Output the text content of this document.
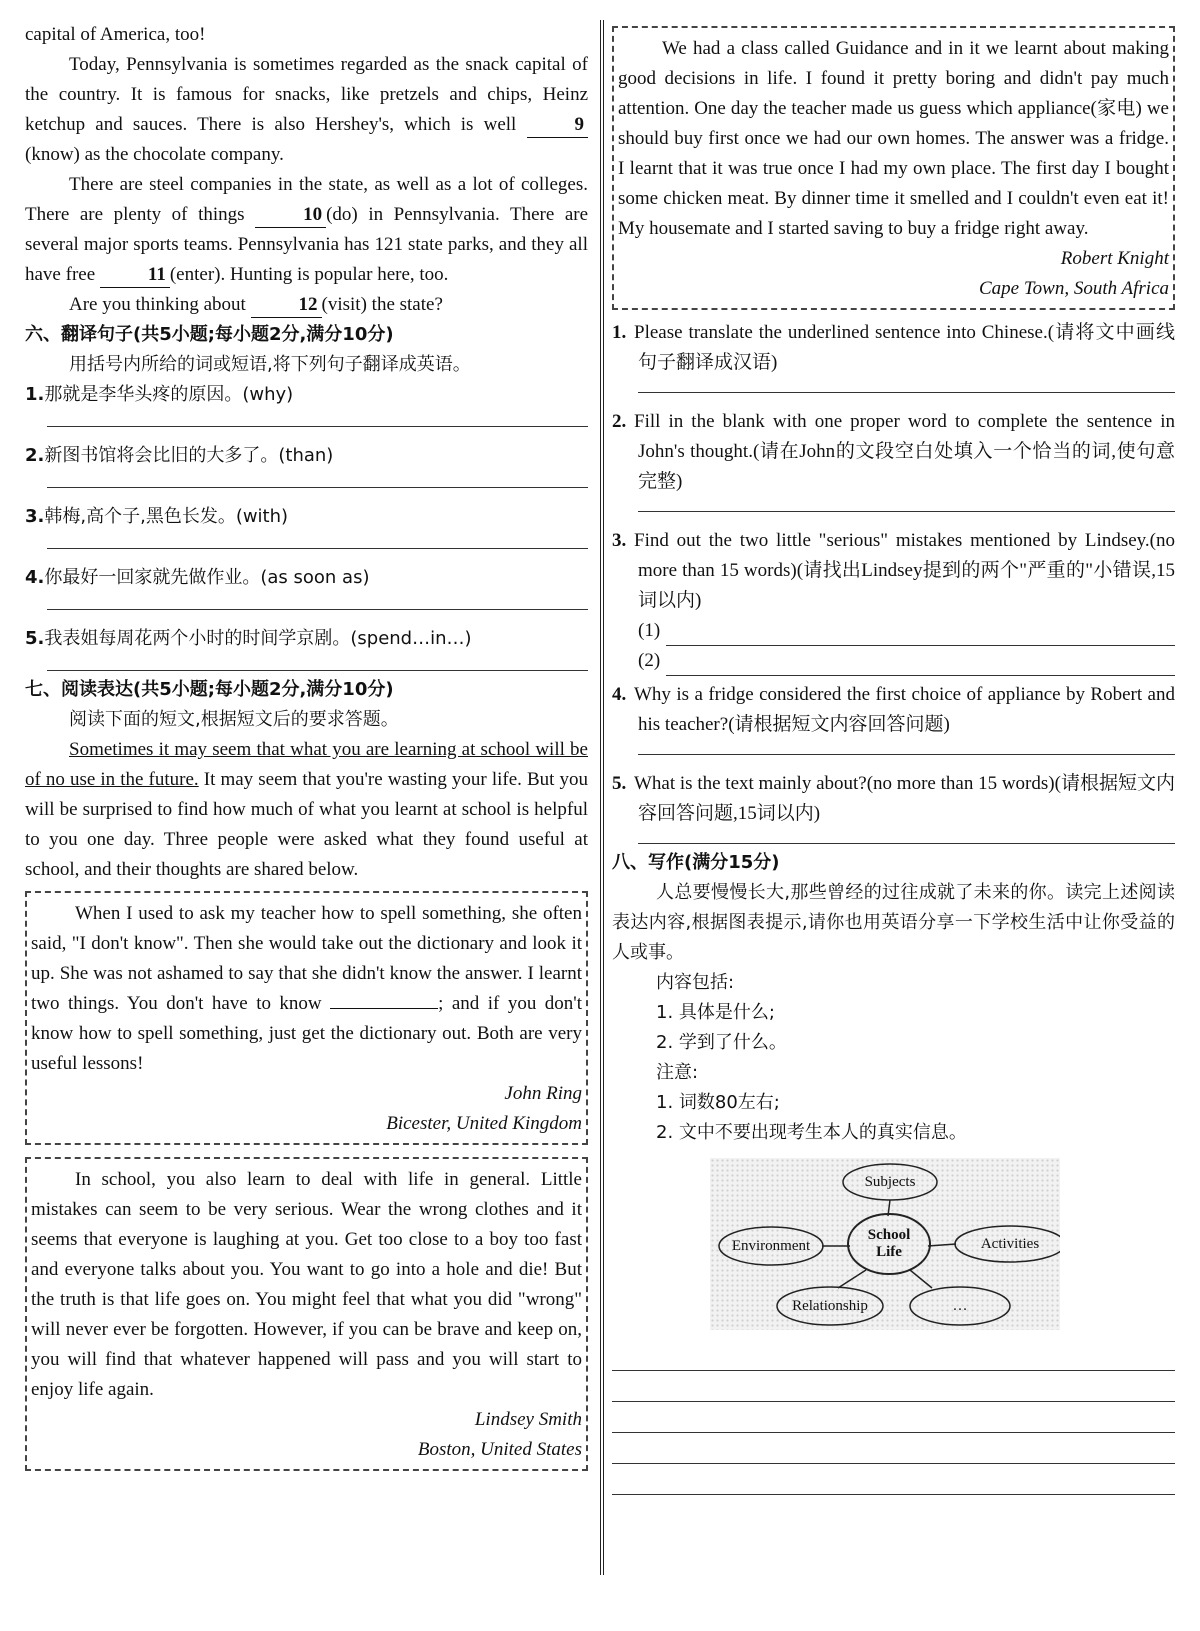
capital of America, too!

Today, Pennsylvania is sometimes regarded as the snack capital of the country. It is famous for snacks, like pretzels and chips, Heinz ketchup and sauces. There is also Hershey's, which is well	9(know) as the chocolate company.

There are steel companies in the state, as well as a lot of colleges. There are plenty of things	10 (do) in Pennsylvania. There are several major sports teams. Pennsylvania has 121 state parks, and they all have free	11 (enter). Hunting is popular here, too.

Are you thinking about	12 (visit) the state?

六、翻译句子(共5小题;每小题2分,满分10分)

用括号内所给的词或短语,将下列句子翻译成英语。

1.那就是李华头疼的原因。(why)
2.新图书馆将会比旧的大多了。(than)
3.韩梅,高个子,黑色长发。(with)
4.你最好一回家就先做作业。(as soon as)
5.我表姐每周花两个小时的时间学京剧。(spend…in…)
七、阅读表达(共5小题;每小题2分,满分10分)

阅读下面的短文,根据短文后的要求答题。

Sometimes it may seem that what you are learning at school will be of no use in the future. It may seem that you're wasting your life. But you will be surprised to find how much of what you learnt at school is helpful to you one day. Three people were asked what they found useful at school, and their thoughts are shared below.

When I used to ask my teacher how to spell something, she often said, "I don't know". Then she would take out the dictionary and look it up. She was not ashamed to say that she didn't know the answer. I learnt two things. You don't have to know	; and if you don't know how to spell something, just get the dictionary out. Both are very useful lessons!

John Ring

Bicester, United Kingdom

In school, you also learn to deal with life in general. Little mistakes can seem to be very serious. Wear the wrong clothes and it seems that everyone is laughing at you. Get too close to a boy too fast and everyone talks about you. You want to go into a hole and die! But the truth is that life goes on. You might feel that what you did "wrong" will never ever be forgotten. However, if you can be brave and keep on, you will find that whatever happened will pass and you will start to enjoy life again.

Lindsey Smith

Boston, United States

We had a class called Guidance and in it we learnt about making good decisions in life. I found it pretty boring and didn't pay much attention. One day the teacher made us guess which appliance(家电) we should buy first once we had our own homes. The answer was a fridge. I learnt that it was true once I had my own place. The first day I bought some chicken meat. By dinner time it smelled and I couldn't even eat it! My housemate and I started saving to buy a fridge right away.

Robert Knight

Cape Town, South Africa

1. Please translate the underlined sentence into Chinese.(请将文中画线句子翻译成汉语)

2. Fill in the blank with one proper word to complete the sentence in John's thought.(请在John的文段空白处填入一个恰当的词,使句意完整)

3. Find out the two little "serious" mistakes mentioned by Lindsey.(no more than 15 words)(请找出Lindsey提到的两个"严重的"小错误,15词以内)

(1)
(2)

4. Why is a fridge considered the first choice of appliance by Robert and his teacher?(请根据短文内容回答问题)

5. What is the text mainly about?(no more than 15 words)(请根据短文内容回答问题,15词以内)

八、写作(满分15分)

人总要慢慢长大,那些曾经的过往成就了未来的你。读完上述阅读表达内容,根据图表提示,请你也用英语分享一下学校生活中让你受益的人或事。

内容包括:

1. 具体是什么;

2. 学到了什么。

注意:

1. 词数80左右;

2. 文中不要出现考生本人的真实信息。

Subjects
Environment	Activities
Relationship	…
School
Life
